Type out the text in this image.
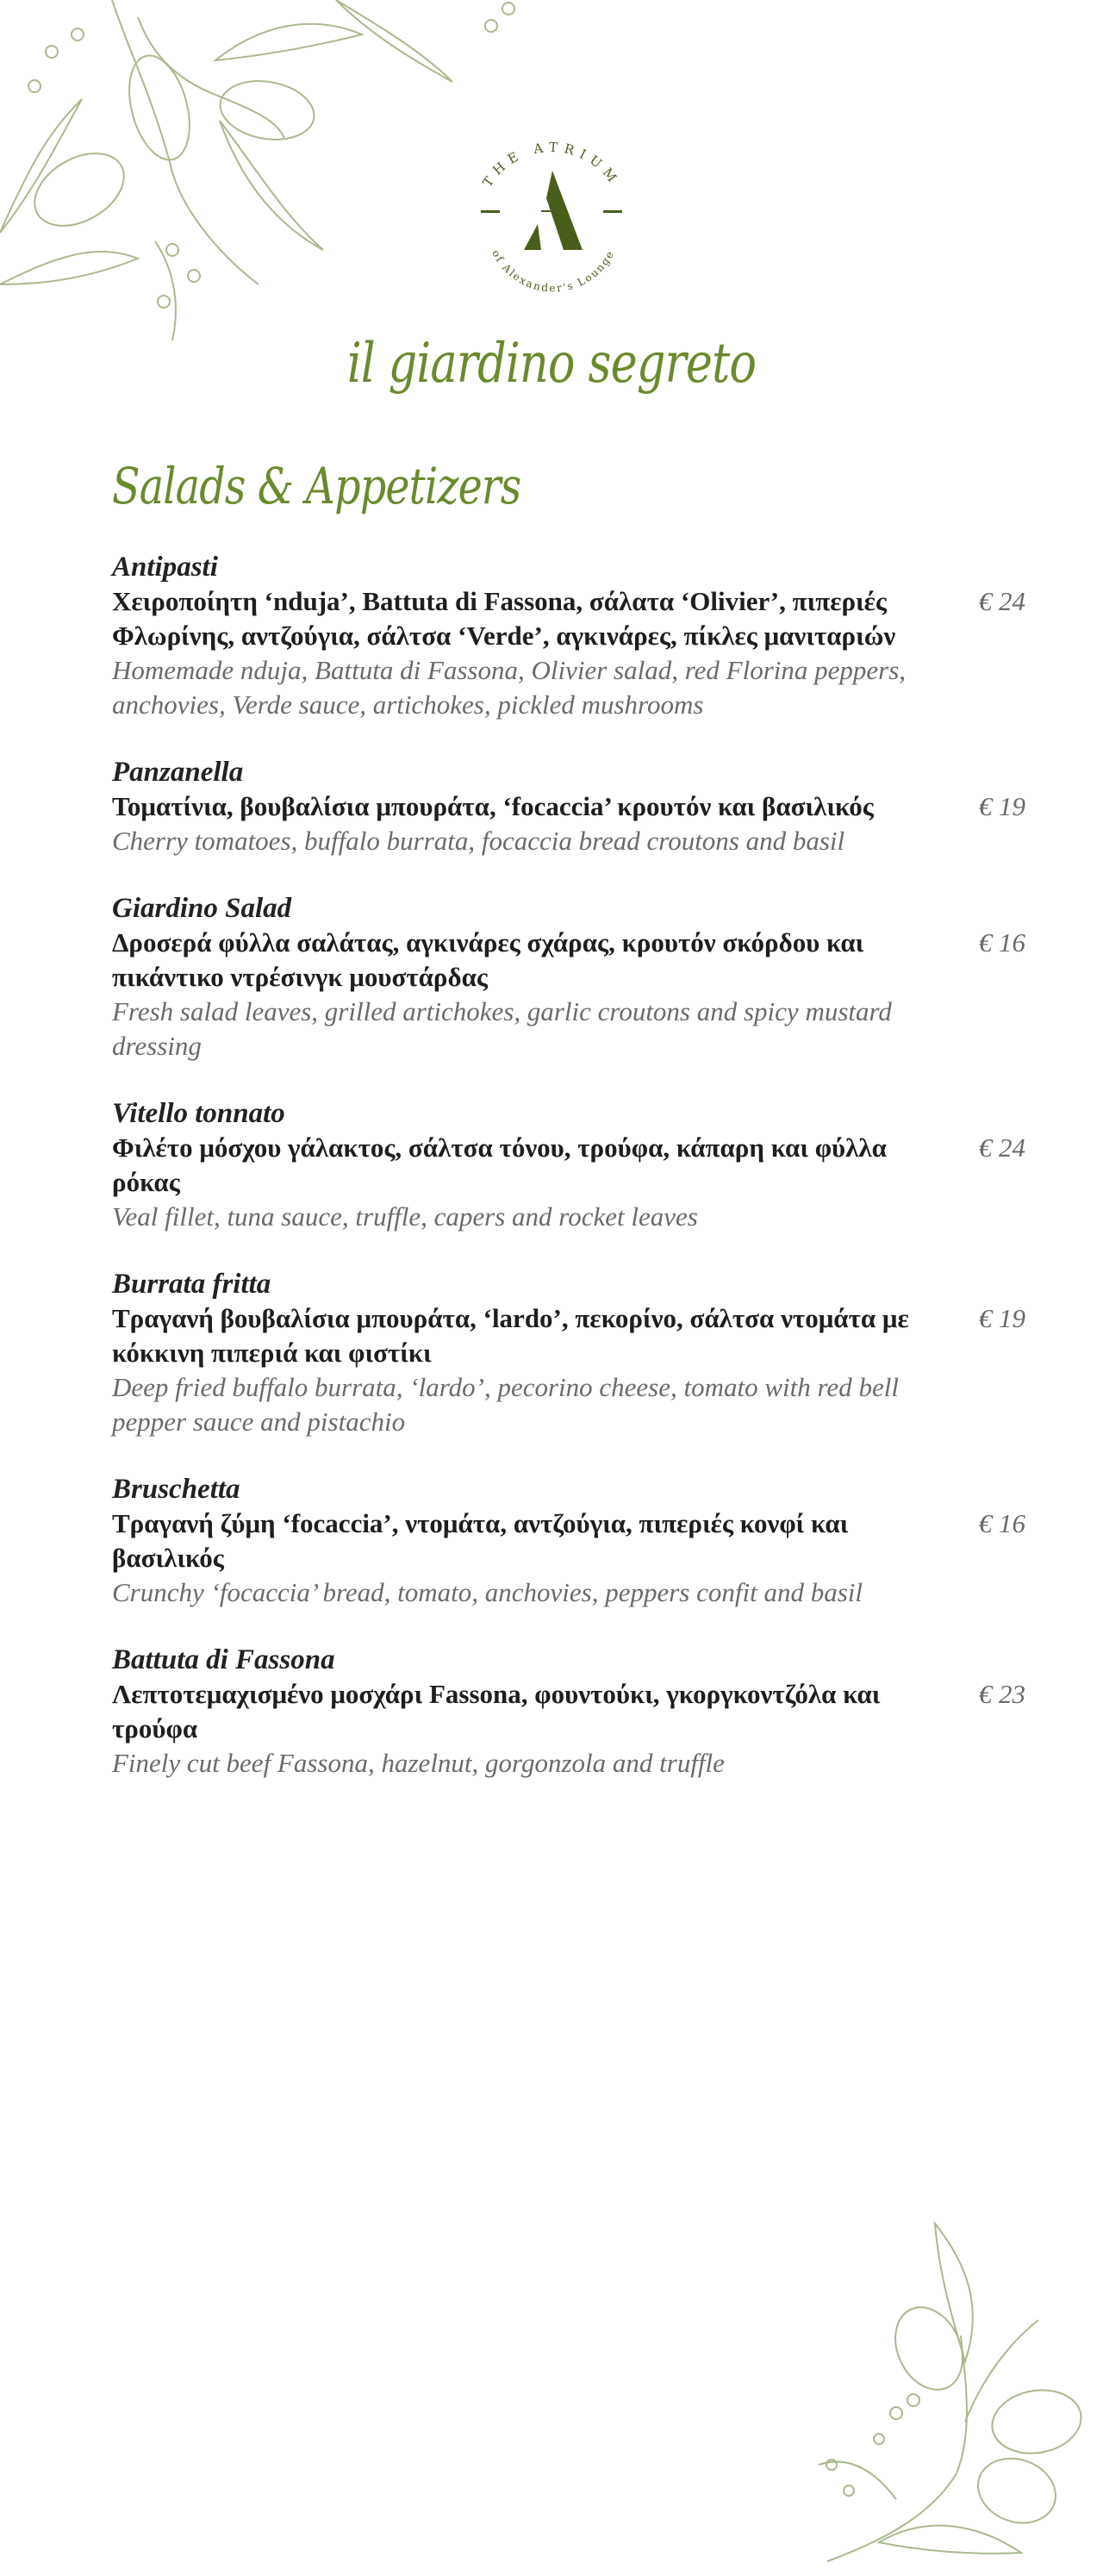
THE ATRIUM
of Alexander's Lounge
il giardino segreto
Salads & Appetizers
Antipasti
Χειροποίητη ‘nduja’, Battuta di Fassona, σάλατα ‘Olivier’, πιπεριές Φλωρίνης, αντζούγια, σάλτσα ‘Verde’, αγκινάρες, πίκλες μανιταριών
Homemade nduja, Battuta di Fassona, Olivier salad, red Florina peppers, anchovies, Verde sauce, artichokes, pickled mushrooms
€ 24
Panzanella
Τοματίνια, βουβαλίσια μπουράτα, ‘focaccia’ κρουτόν και βασιλικός
Cherry tomatoes, buffalo burrata, focaccia bread croutons and basil
€ 19
Giardino Salad
Δροσερά φύλλα σαλάτας, αγκινάρες σχάρας, κρουτόν σκόρδου και πικάντικο ντρέσινγκ μουστάρδας
Fresh salad leaves, grilled artichokes, garlic croutons and spicy mustard dressing
€ 16
Vitello tonnato
Φιλέτο μόσχου γάλακτος, σάλτσα τόνου, τρούφα, κάπαρη και φύλλα ρόκας
Veal fillet, tuna sauce, truffle, capers and rocket leaves
€ 24
Burrata fritta
Τραγανή βουβαλίσια μπουράτα, ‘lardo’, πεκορίνο, σάλτσα ντομάτα με κόκκινη πιπεριά και φιστίκι
Deep fried buffalo burrata, ‘lardo’, pecorino cheese, tomato with red bell pepper sauce and pistachio
€ 19
Bruschetta
Τραγανή ζύμη ‘focaccia’, ντομάτα, αντζούγια, πιπεριές κονφί και βασιλικός
Crunchy ‘focaccia’ bread, tomato, anchovies, peppers confit and basil
€ 16
Battuta di Fassona
Λεπτοτεμαχισμένο μοσχάρι Fassona, φουντούκι, γκοργκοντζόλα και τρούφα
Finely cut beef Fassona, hazelnut, gorgonzola and truffle
€ 23
